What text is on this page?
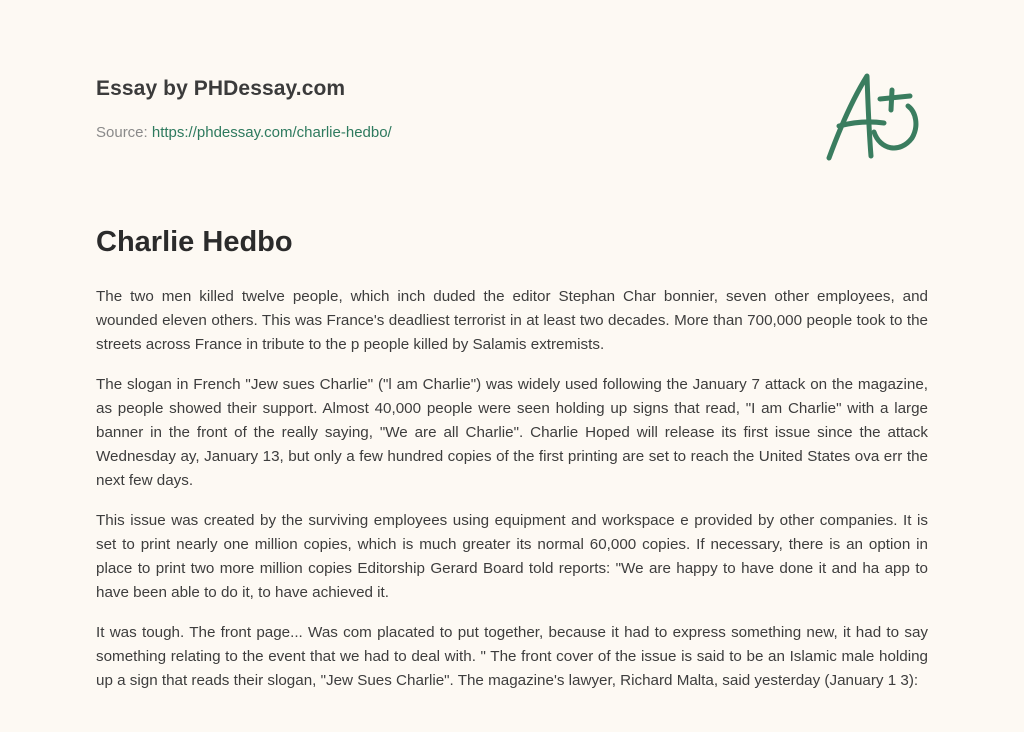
Essay by PHDessay.com

Source: https://phdessay.com/charlie-hedbo/

Charlie Hedbo

The two men killed twelve people, which inch duded the editor Stephan Char bonnier, seven other employees, and wounded eleven others. This was France's deadliest terrorist in at least two decades. More than 700,000 people took to the streets across France in tribute to the p people killed by Salamis extremists.

The slogan in French "Jew sues Charlie" ("l am Charlie") was widely used following the January 7 attack on the magazine, as people showed their support. Almost 40,000 people were seen holding up signs that read, "I am Charlie" with a large banner in the front of the really saying, "We are all Charlie". Charlie Hoped will release its first issue since the attack Wednesday ay, January 13, but only a few hundred copies of the first printing are set to reach the United States ova err the next few days.

This issue was created by the surviving employees using equipment and workspace e provided by other companies. It is set to print nearly one million copies, which is much greater its normal 60,000 copies. If necessary, there is an option in place to print two more million copies Editorship Gerard Board told reports: "We are happy to have done it and ha app to have been able to do it, to have achieved it.

It was tough. The front page... Was com placated to put together, because it had to express something new, it had to say something relating to the event that we had to deal with. " The front cover of the issue is said to be an Islamic male holding up a sign that reads their slogan, "Jew Sues Charlie". The magazine's lawyer, Richard Malta, said yesterday (January 1 3):
